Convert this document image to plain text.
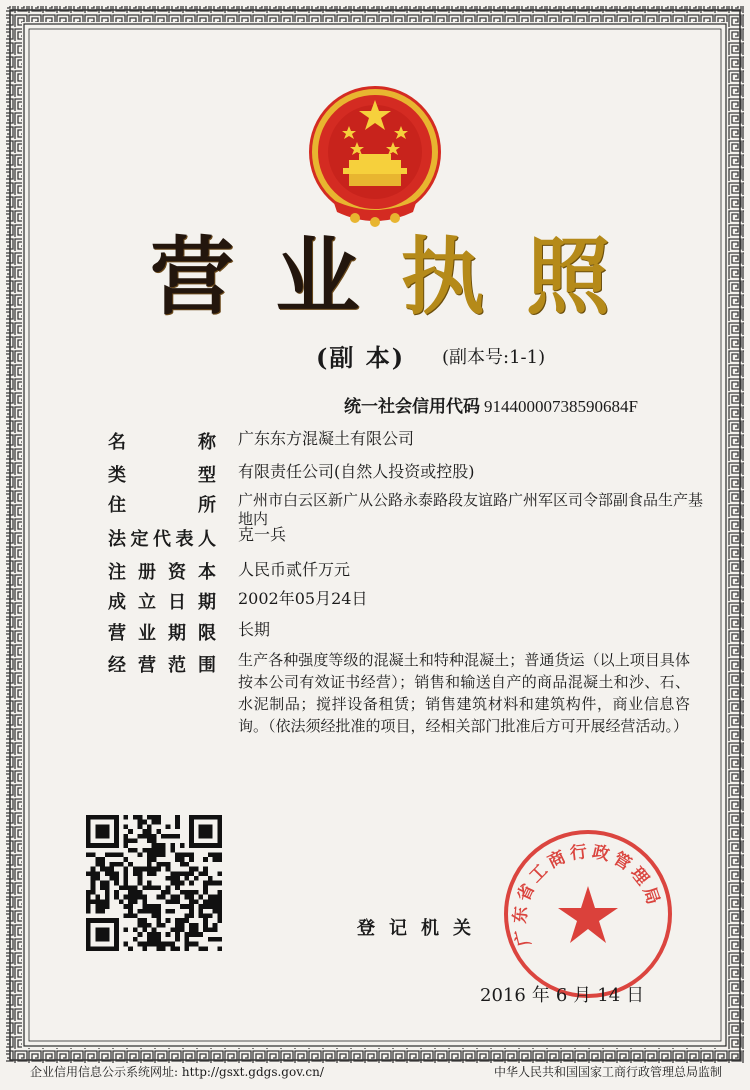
营 业 执 照
(副 本) (副本号:1-1)
统一社会信用代码 91440000738590684F
名	称 广东东方混凝土有限公司
类	型 有限责任公司(自然人投资或控股)
住	所 广州市白云区新广从公路永泰路段友谊路广州军区司令部副食品生产基地内
法 定 代 表 人 克一兵
注 册 资 本 人民币贰仟万元
成 立 日 期 2002年05月24日
营 业 期 限 长期
经 营 范 围 生产各种强度等级的混凝土和特种混凝土；普通货运（以上项目具体按本公司有效证书经营）；销售和输送自产的商品混凝土和沙、石、水泥制品；搅拌设备租赁；销售建筑材料和建筑构件，商业信息咨询。（依法须经批准的项目，经相关部门批准后方可开展经营活动。）
登 记 机 关 广东省工商行政管理局
2016 年 6 月 14 日
企业信用信息公示系统网址: http://gsxt.gdgs.gov.cn/	中华人民共和国国家工商行政管理总局监制
